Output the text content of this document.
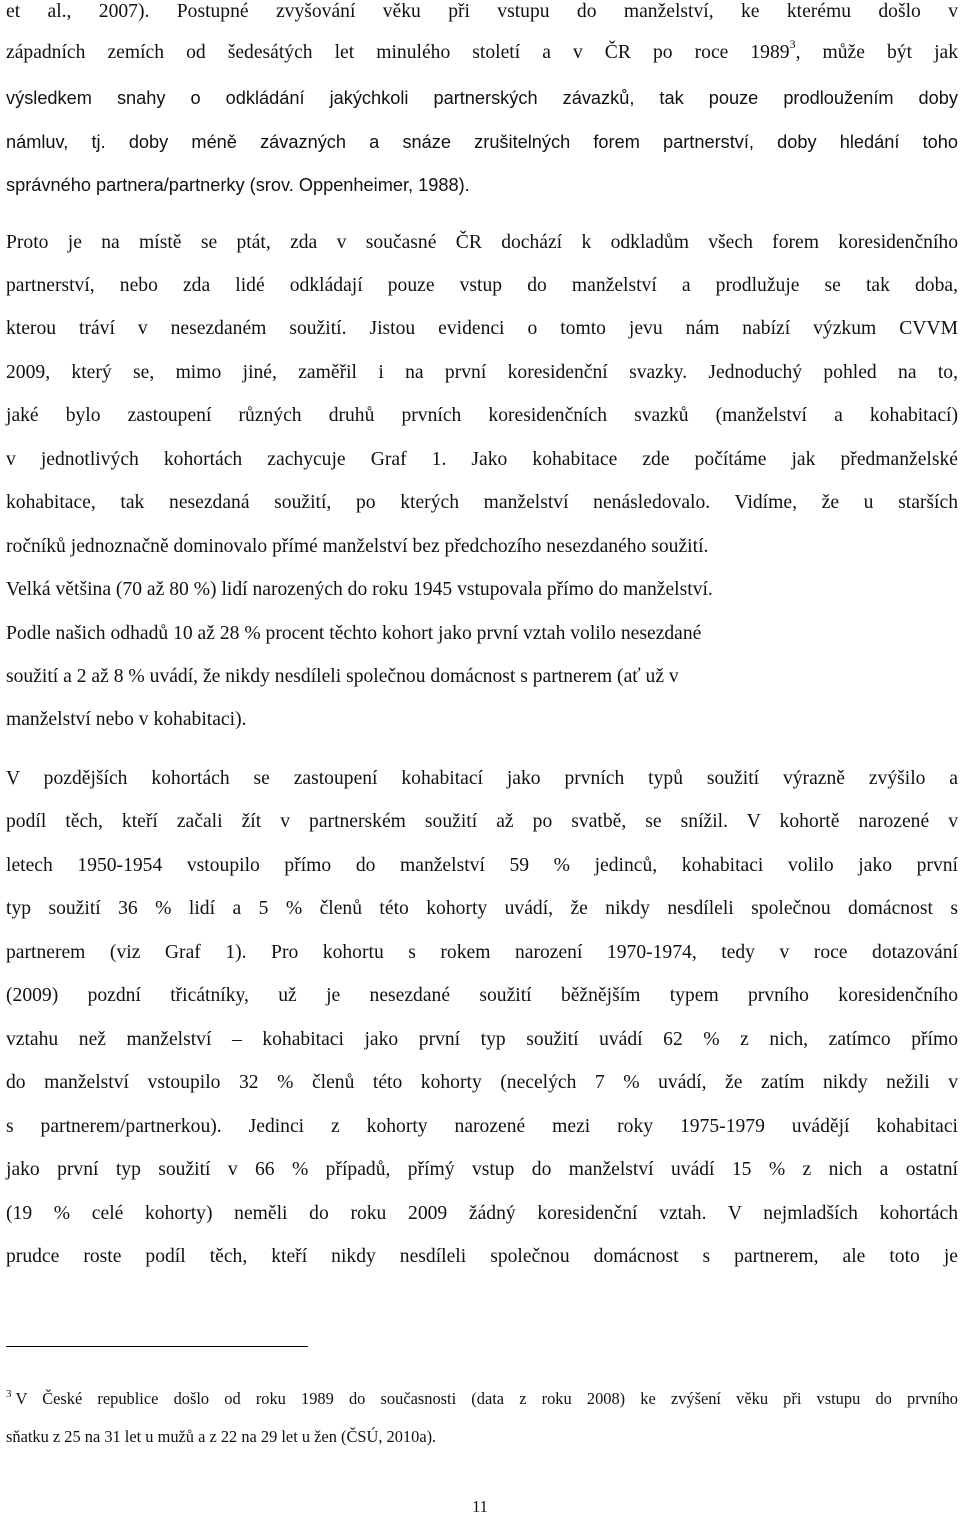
et al., 2007). Postupné zvyšování věku při vstupu do manželství, ke kterému došlo v
západních zemích od šedesátých let minulého století a v ČR po roce 1989$^3$, může být jak
výsledkem snahy o odkládání jakýchkoli partnerských závazků, tak pouze prodloužením doby
námluv, tj. doby méně závazných a snáze zrušitelných forem partnerství, doby hledání toho
správného partnera/partnerky (srov. Oppenheimer, 1988).
Proto je na místě se ptát, zda v současné ČR dochází k odkladům všech forem koresidenčního
partnerství, nebo zda lidé odkládají pouze vstup do manželství a prodlužuje se tak doba,
kterou tráví v nesezdaném soužití. Jistou evidenci o tomto jevu nám nabízí výzkum CVVM
2009, který se, mimo jiné, zaměřil i na první koresidenční svazky. Jednoduchý pohled na to,
jaké bylo zastoupení různých druhů prvních koresidenčních svazků (manželství a kohabitací)
v jednotlivých kohortách zachycuje Graf 1. Jako kohabitace zde počítáme jak předmanželské
kohabitace, tak nesezdaná soužití, po kterých manželství nenásledovalo. Vidíme, že u starších
ročníků jednoznačně dominovalo přímé manželství bez předchozího nesezdaného soužití.
Velká většina (70 až 80 %) lidí narozených do roku 1945 vstupovala přímo do manželství.
Podle našich odhadů 10 až 28 % procent těchto kohort jako první vztah volilo nesezdané
soužití a 2 až 8 % uvádí, že nikdy nesdíleli společnou domácnost s partnerem (ať už v
manželství nebo v kohabitaci).
V pozdějších kohortách se zastoupení kohabitací jako prvních typů soužití výrazně zvýšilo a
podíl těch, kteří začali žít v partnerském soužití až po svatbě, se snížil. V kohortě narozené v
letech 1950-1954 vstoupilo přímo do manželství 59 % jedinců, kohabitaci volilo jako první
typ soužití 36 % lidí a 5 % členů této kohorty uvádí, že nikdy nesdíleli společnou domácnost s
partnerem (viz Graf 1). Pro kohortu s rokem narození 1970-1974, tedy v roce dotazování
(2009) pozdní třicátníky, už je nesezdané soužití běžnějším typem prvního koresidenčního
vztahu než manželství – kohabitaci jako první typ soužití uvádí 62 % z nich, zatímco přímo
do manželství vstoupilo 32 % členů této kohorty (necelých 7 % uvádí, že zatím nikdy nežili v
s partnerem/partnerkou). Jedinci z kohorty narozené mezi roky 1975-1979 uvádějí kohabitaci
jako první typ soužití v 66 % případů, přímý vstup do manželství uvádí 15 % z nich a ostatní
(19 % celé kohorty) neměli do roku 2009 žádný koresidenční vztah. V nejmladších kohortách
prudce roste podíl těch, kteří nikdy nesdíleli společnou domácnost s partnerem, ale toto je
$^3$ V České republice došlo od roku 1989 do současnosti (data z roku 2008) ke zvýšení věku při vstupu do prvního
sňatku z 25 na 31 let u mužů a z 22 na 29 let u žen (ČSÚ, 2010a).
11
